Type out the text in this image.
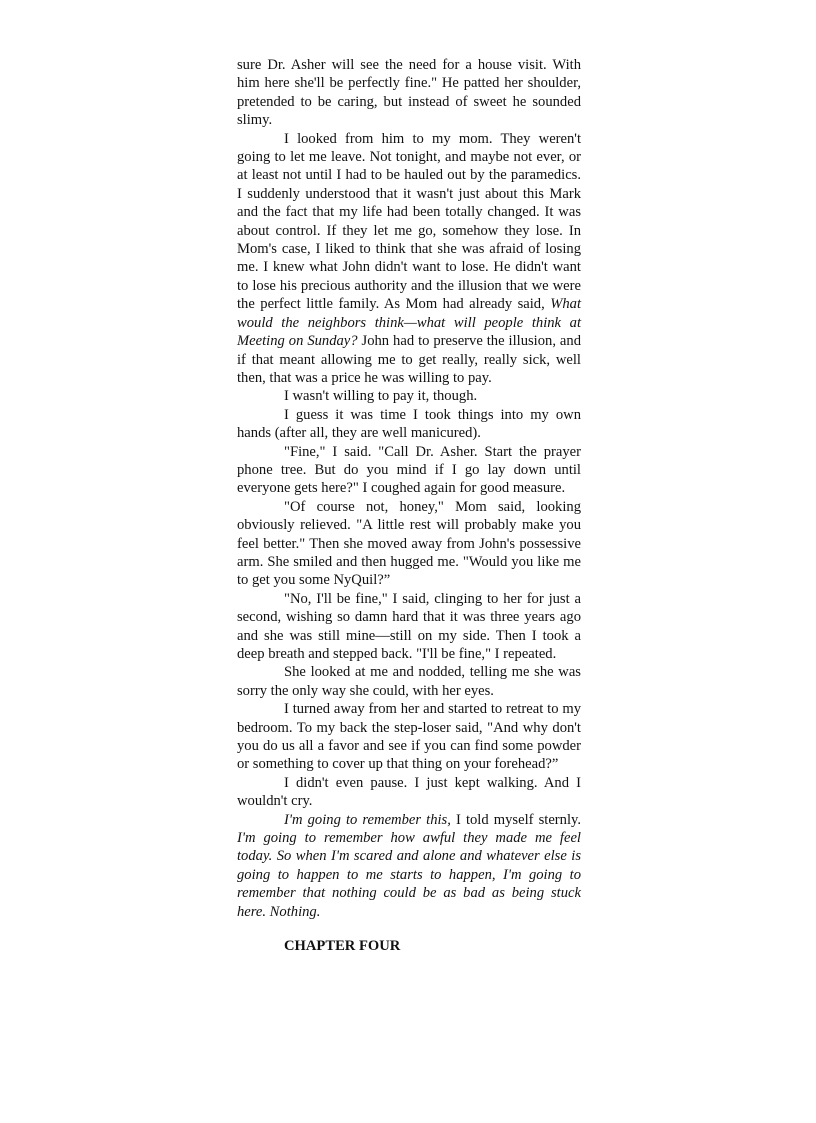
sure Dr. Asher will see the need for a house visit. With him here she'll be perfectly fine." He patted her shoulder, pretended to be caring, but instead of sweet he sounded slimy.

I looked from him to my mom. They weren't going to let me leave. Not tonight, and maybe not ever, or at least not until I had to be hauled out by the paramedics. I suddenly understood that it wasn't just about this Mark and the fact that my life had been totally changed. It was about control. If they let me go, somehow they lose. In Mom's case, I liked to think that she was afraid of losing me. I knew what John didn't want to lose. He didn't want to lose his precious authority and the illusion that we were the perfect little family. As Mom had already said, What would the neighbors think—what will people think at Meeting on Sunday? John had to preserve the illusion, and if that meant allowing me to get really, really sick, well then, that was a price he was willing to pay.

I wasn't willing to pay it, though.

I guess it was time I took things into my own hands (after all, they are well manicured).

"Fine," I said. "Call Dr. Asher. Start the prayer phone tree. But do you mind if I go lay down until everyone gets here?" I coughed again for good measure.

"Of course not, honey," Mom said, looking obviously relieved. "A little rest will probably make you feel better." Then she moved away from John's possessive arm. She smiled and then hugged me. "Would you like me to get you some NyQuil?”

"No, I'll be fine," I said, clinging to her for just a second, wishing so damn hard that it was three years ago and she was still mine—still on my side. Then I took a deep breath and stepped back. "I'll be fine," I repeated.

She looked at me and nodded, telling me she was sorry the only way she could, with her eyes.

I turned away from her and started to retreat to my bedroom. To my back the step-loser said, "And why don't you do us all a favor and see if you can find some powder or something to cover up that thing on your forehead?”

I didn't even pause. I just kept walking. And I wouldn't cry.

I'm going to remember this, I told myself sternly. I'm going to remember how awful they made me feel today. So when I'm scared and alone and whatever else is going to happen to me starts to happen, I'm going to remember that nothing could be as bad as being stuck here. Nothing.

CHAPTER FOUR
